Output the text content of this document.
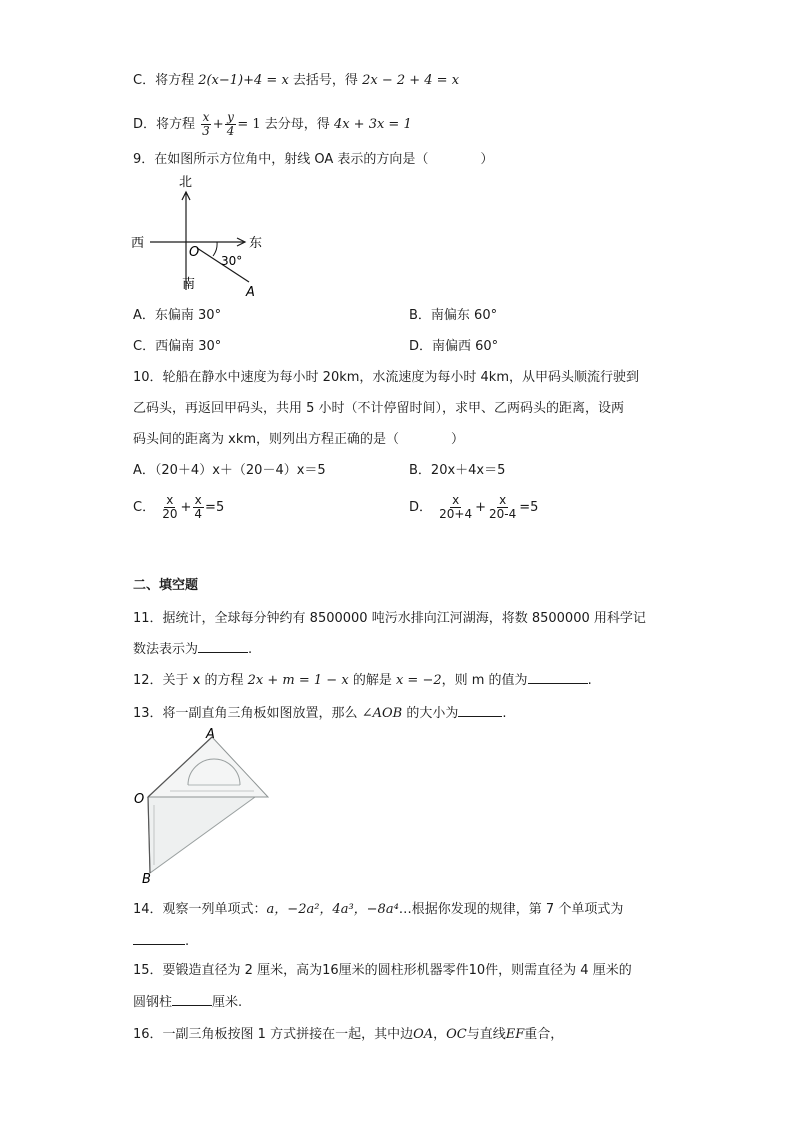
C．将方程 2(x−1)+4 = x 去括号，得 2x − 2 + 4 = x
D．将方程 $\frac{x}{3} + \frac{y}{4} = 1$ 去分母，得 4x + 3x = 1
9．在如图所示方位角中，射线 OA 表示的方向是（　　　　）
北
南
东
西
O
A
30°
A．东偏南 30°	B．南偏东 60°
C．西偏南 30°	D．南偏西 60°
10．轮船在静水中速度为每小时 20km，水流速度为每小时 4km，从甲码头顺流行驶到
乙码头，再返回甲码头，共用 5 小时（不计停留时间），求甲、乙两码头的距离，设两
码头间的距离为 xkm，则列出方程正确的是（　　　　）
A．（20＋4）x＋（20－4）x＝5	B．20x＋4x＝5
C． $\frac{x}{20} + \frac{x}{4} =5$	D． $\frac{x}{20+4} + \frac{x}{20-4} =5$
二、填空题
11．据统计，全球每分钟约有 8500000 吨污水排向江河湖海，将数 8500000 用科学记
数法表示为	.
12．关于 x 的方程 2x + m = 1 − x 的解是 x = −2，则 m 的值为	.
13．将一副直角三角板如图放置，那么 ∠AOB 的大小为	.
A
O
B
14．观察一列单项式：a，−2a²，4a³，−8a⁴…根据你发现的规律，第 7 个单项式为
.
15．要锻造直径为 2 厘米，高为16厘米的圆柱形机器零件10件，则需直径为 4 厘米的
圆钢柱	厘米.
16．一副三角板按图 1 方式拼接在一起，其中边OA，OC与直线EF重合，
